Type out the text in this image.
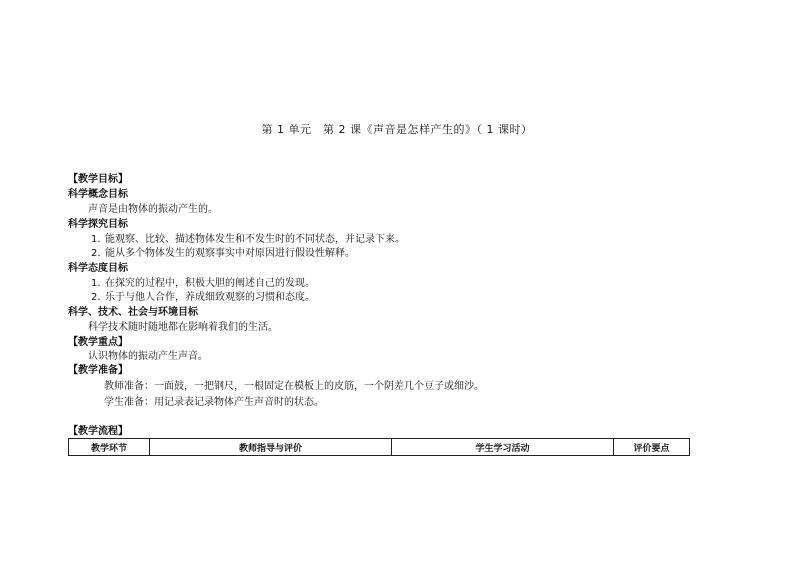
第 1 单元　第 2 课《声音是怎样产生的》（ 1 课时）
【教学目标】
科学概念目标
声音是由物体的振动产生的。
科学探究目标
1. 能观察、比较、描述物体发生和不发生时的不同状态，并记录下来。
2. 能从多个物体发生的观察事实中对原因进行假设性解释。
科学态度目标
1. 在探究的过程中，积极大胆的阐述自己的发现。
2. 乐于与他人合作，养成细致观察的习惯和态度。
科学、技术、社会与环境目标
科学技术随时随地都在影响着我们的生活。
【教学重点】
认识物体的振动产生声音。
【教学准备】
教师准备：一面鼓，一把钢尺，一根固定在模板上的皮筋，一个阴差几个豆子或细沙。
学生准备：用记录表记录物体产生声音时的状态。
【教学流程】
教学环节	教师指导与评价	学生学习活动	评价要点
